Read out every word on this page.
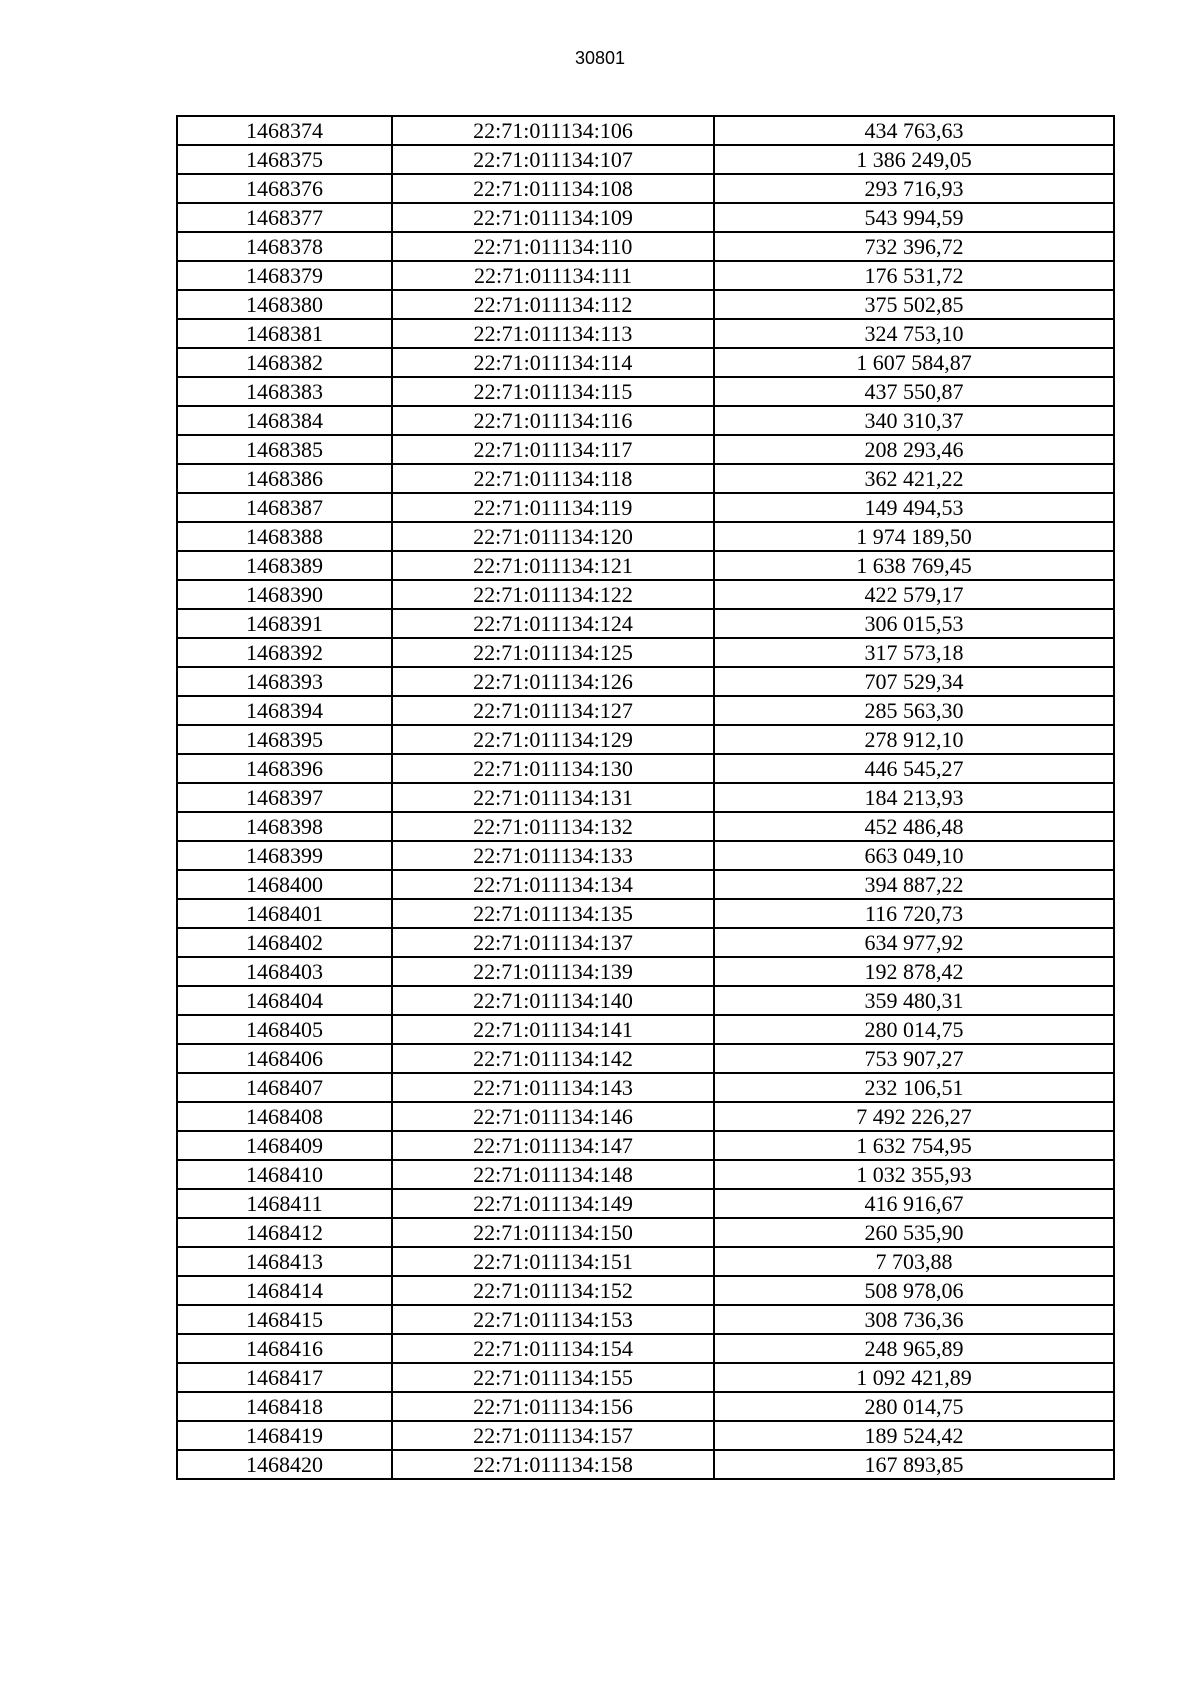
30801
1468374	22:71:011134:106	434 763,63
1468375	22:71:011134:107	1 386 249,05
1468376	22:71:011134:108	293 716,93
1468377	22:71:011134:109	543 994,59
1468378	22:71:011134:110	732 396,72
1468379	22:71:011134:111	176 531,72
1468380	22:71:011134:112	375 502,85
1468381	22:71:011134:113	324 753,10
1468382	22:71:011134:114	1 607 584,87
1468383	22:71:011134:115	437 550,87
1468384	22:71:011134:116	340 310,37
1468385	22:71:011134:117	208 293,46
1468386	22:71:011134:118	362 421,22
1468387	22:71:011134:119	149 494,53
1468388	22:71:011134:120	1 974 189,50
1468389	22:71:011134:121	1 638 769,45
1468390	22:71:011134:122	422 579,17
1468391	22:71:011134:124	306 015,53
1468392	22:71:011134:125	317 573,18
1468393	22:71:011134:126	707 529,34
1468394	22:71:011134:127	285 563,30
1468395	22:71:011134:129	278 912,10
1468396	22:71:011134:130	446 545,27
1468397	22:71:011134:131	184 213,93
1468398	22:71:011134:132	452 486,48
1468399	22:71:011134:133	663 049,10
1468400	22:71:011134:134	394 887,22
1468401	22:71:011134:135	116 720,73
1468402	22:71:011134:137	634 977,92
1468403	22:71:011134:139	192 878,42
1468404	22:71:011134:140	359 480,31
1468405	22:71:011134:141	280 014,75
1468406	22:71:011134:142	753 907,27
1468407	22:71:011134:143	232 106,51
1468408	22:71:011134:146	7 492 226,27
1468409	22:71:011134:147	1 632 754,95
1468410	22:71:011134:148	1 032 355,93
1468411	22:71:011134:149	416 916,67
1468412	22:71:011134:150	260 535,90
1468413	22:71:011134:151	7 703,88
1468414	22:71:011134:152	508 978,06
1468415	22:71:011134:153	308 736,36
1468416	22:71:011134:154	248 965,89
1468417	22:71:011134:155	1 092 421,89
1468418	22:71:011134:156	280 014,75
1468419	22:71:011134:157	189 524,42
1468420	22:71:011134:158	167 893,85
